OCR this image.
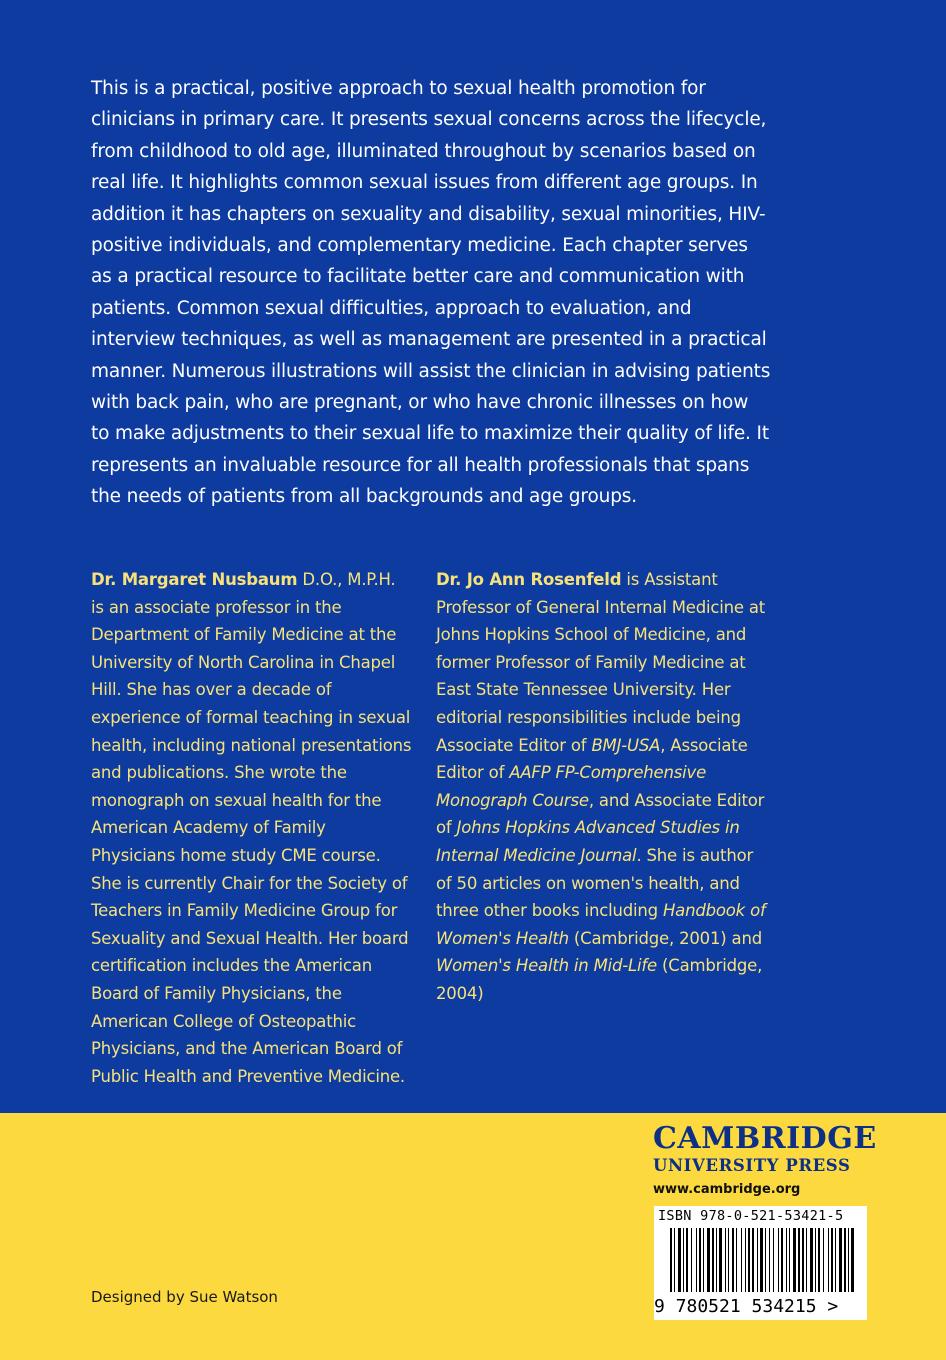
This is a practical, positive approach to sexual health promotion for clinicians in primary care. It presents sexual concerns across the lifecycle, from childhood to old age, illuminated throughout by scenarios based on real life. It highlights common sexual issues from different age groups. In addition it has chapters on sexuality and disability, sexual minorities, HIV-positive individuals, and complementary medicine. Each chapter serves as a practical resource to facilitate better care and communication with patients. Common sexual difficulties, approach to evaluation, and interview techniques, as well as management are presented in a practical manner. Numerous illustrations will assist the clinician in advising patients with back pain, who are pregnant, or who have chronic illnesses on how to make adjustments to their sexual life to maximize their quality of life. It represents an invaluable resource for all health professionals that spans the needs of patients from all backgrounds and age groups.

Dr. Margaret Nusbaum D.O., M.P.H. is an associate professor in the Department of Family Medicine at the University of North Carolina in Chapel Hill. She has over a decade of experience of formal teaching in sexual health, including national presentations and publications. She wrote the monograph on sexual health for the American Academy of Family Physicians home study CME course. She is currently Chair for the Society of Teachers in Family Medicine Group for Sexuality and Sexual Health. Her board certification includes the American Board of Family Physicians, the American College of Osteopathic Physicians, and the American Board of Public Health and Preventive Medicine.

Dr. Jo Ann Rosenfeld is Assistant Professor of General Internal Medicine at Johns Hopkins School of Medicine, and former Professor of Family Medicine at East State Tennessee University. Her editorial responsibilities include being Associate Editor of BMJ-USA, Associate Editor of AAFP FP-Comprehensive Monograph Course, and Associate Editor of Johns Hopkins Advanced Studies in Internal Medicine Journal. She is author of 50 articles on women's health, and three other books including Handbook of Women's Health (Cambridge, 2001) and Women's Health in Mid-Life (Cambridge, 2004)

CAMBRIDGE
UNIVERSITY PRESS
www.cambridge.org
ISBN 978-0-521-53421-5
9 780521 534215 >
Designed by Sue Watson
